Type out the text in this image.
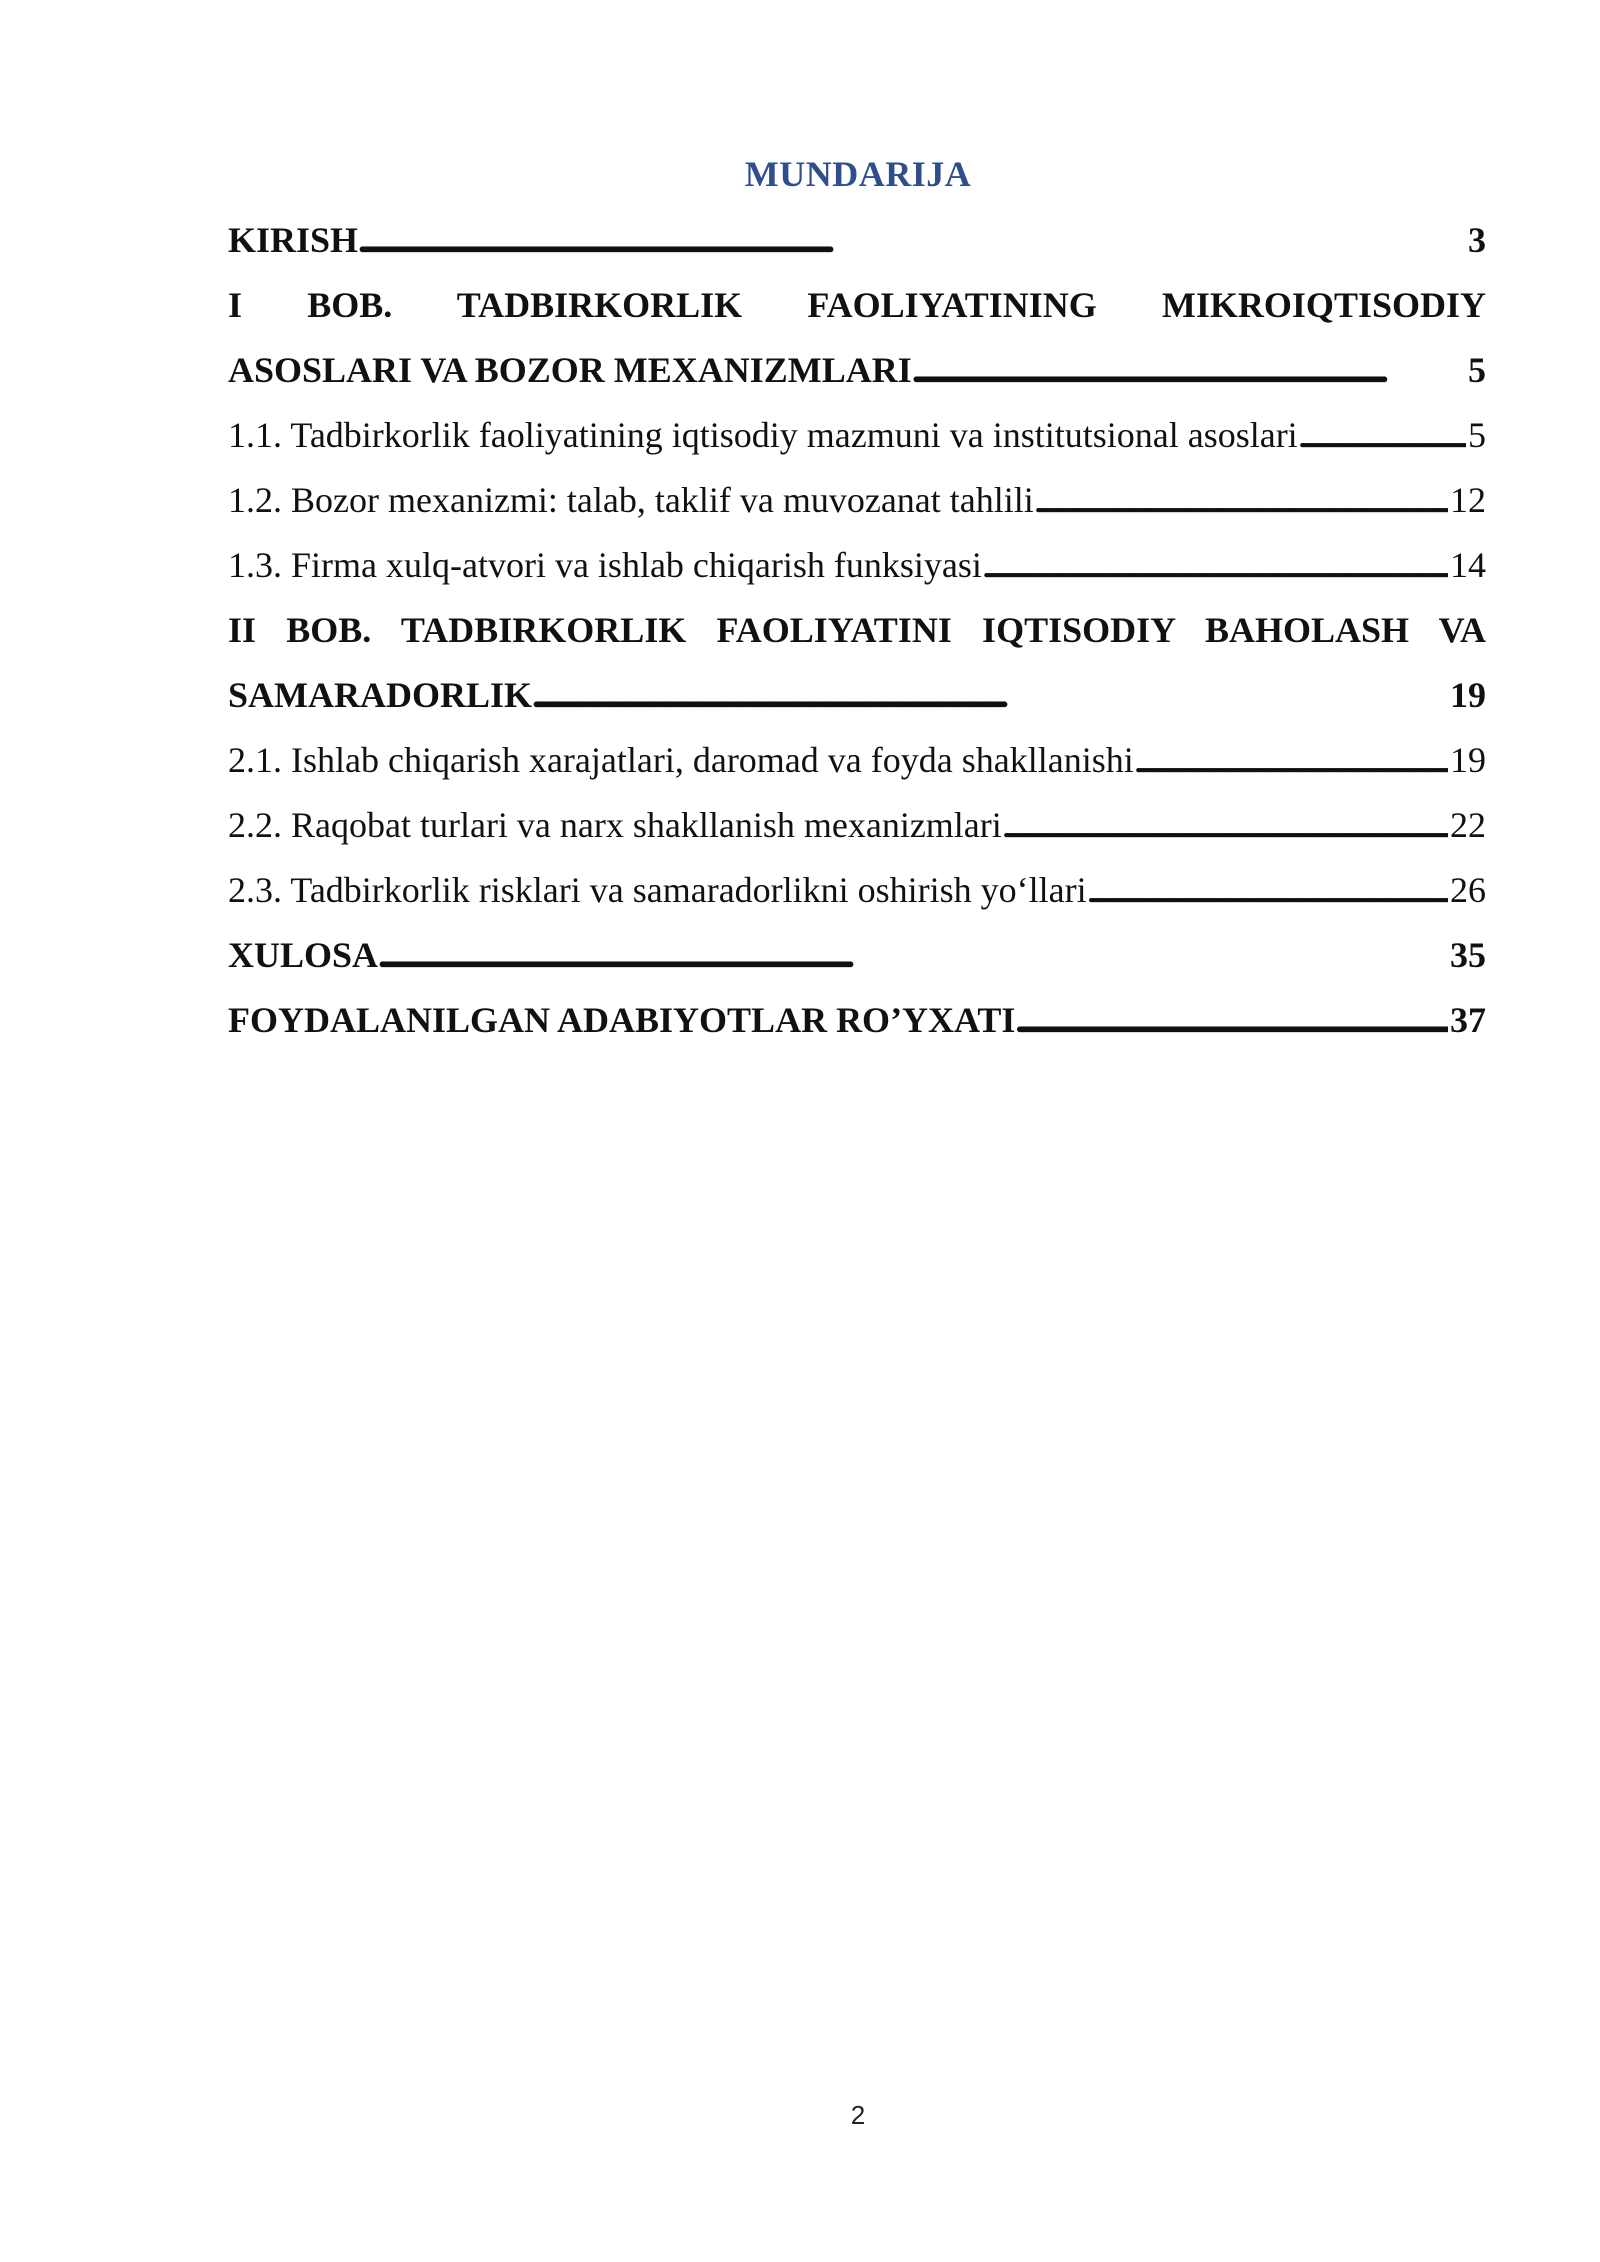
MUNDARIJA
KIRISH . . .	3
I BOB. TADBIRKORLIK FAOLIYATINING MIKROIQTISODIY
ASOSLARI VA BOZOR MEXANIZMLARI . . .	5
1.1. Tadbirkorlik faoliyatining iqtisodiy mazmuni va institutsional asoslari . . .	5
1.2. Bozor mexanizmi: talab, taklif va muvozanat tahlili . . .	12
1.3. Firma xulq-atvori va ishlab chiqarish funksiyasi . . .	14
II BOB. TADBIRKORLIK FAOLIYATINI IQTISODIY BAHOLASH VA
SAMARADORLIK . . .	19
2.1. Ishlab chiqarish xarajatlari, daromad va foyda shakllanishi . . .	19
2.2. Raqobat turlari va narx shakllanish mexanizmlari . . .	22
2.3. Tadbirkorlik risklari va samaradorlikni oshirish yo‘llari . . .	26
XULOSA . . .	35
FOYDALANILGAN ADABIYOTLAR RO’YXATI . . .	37
2
